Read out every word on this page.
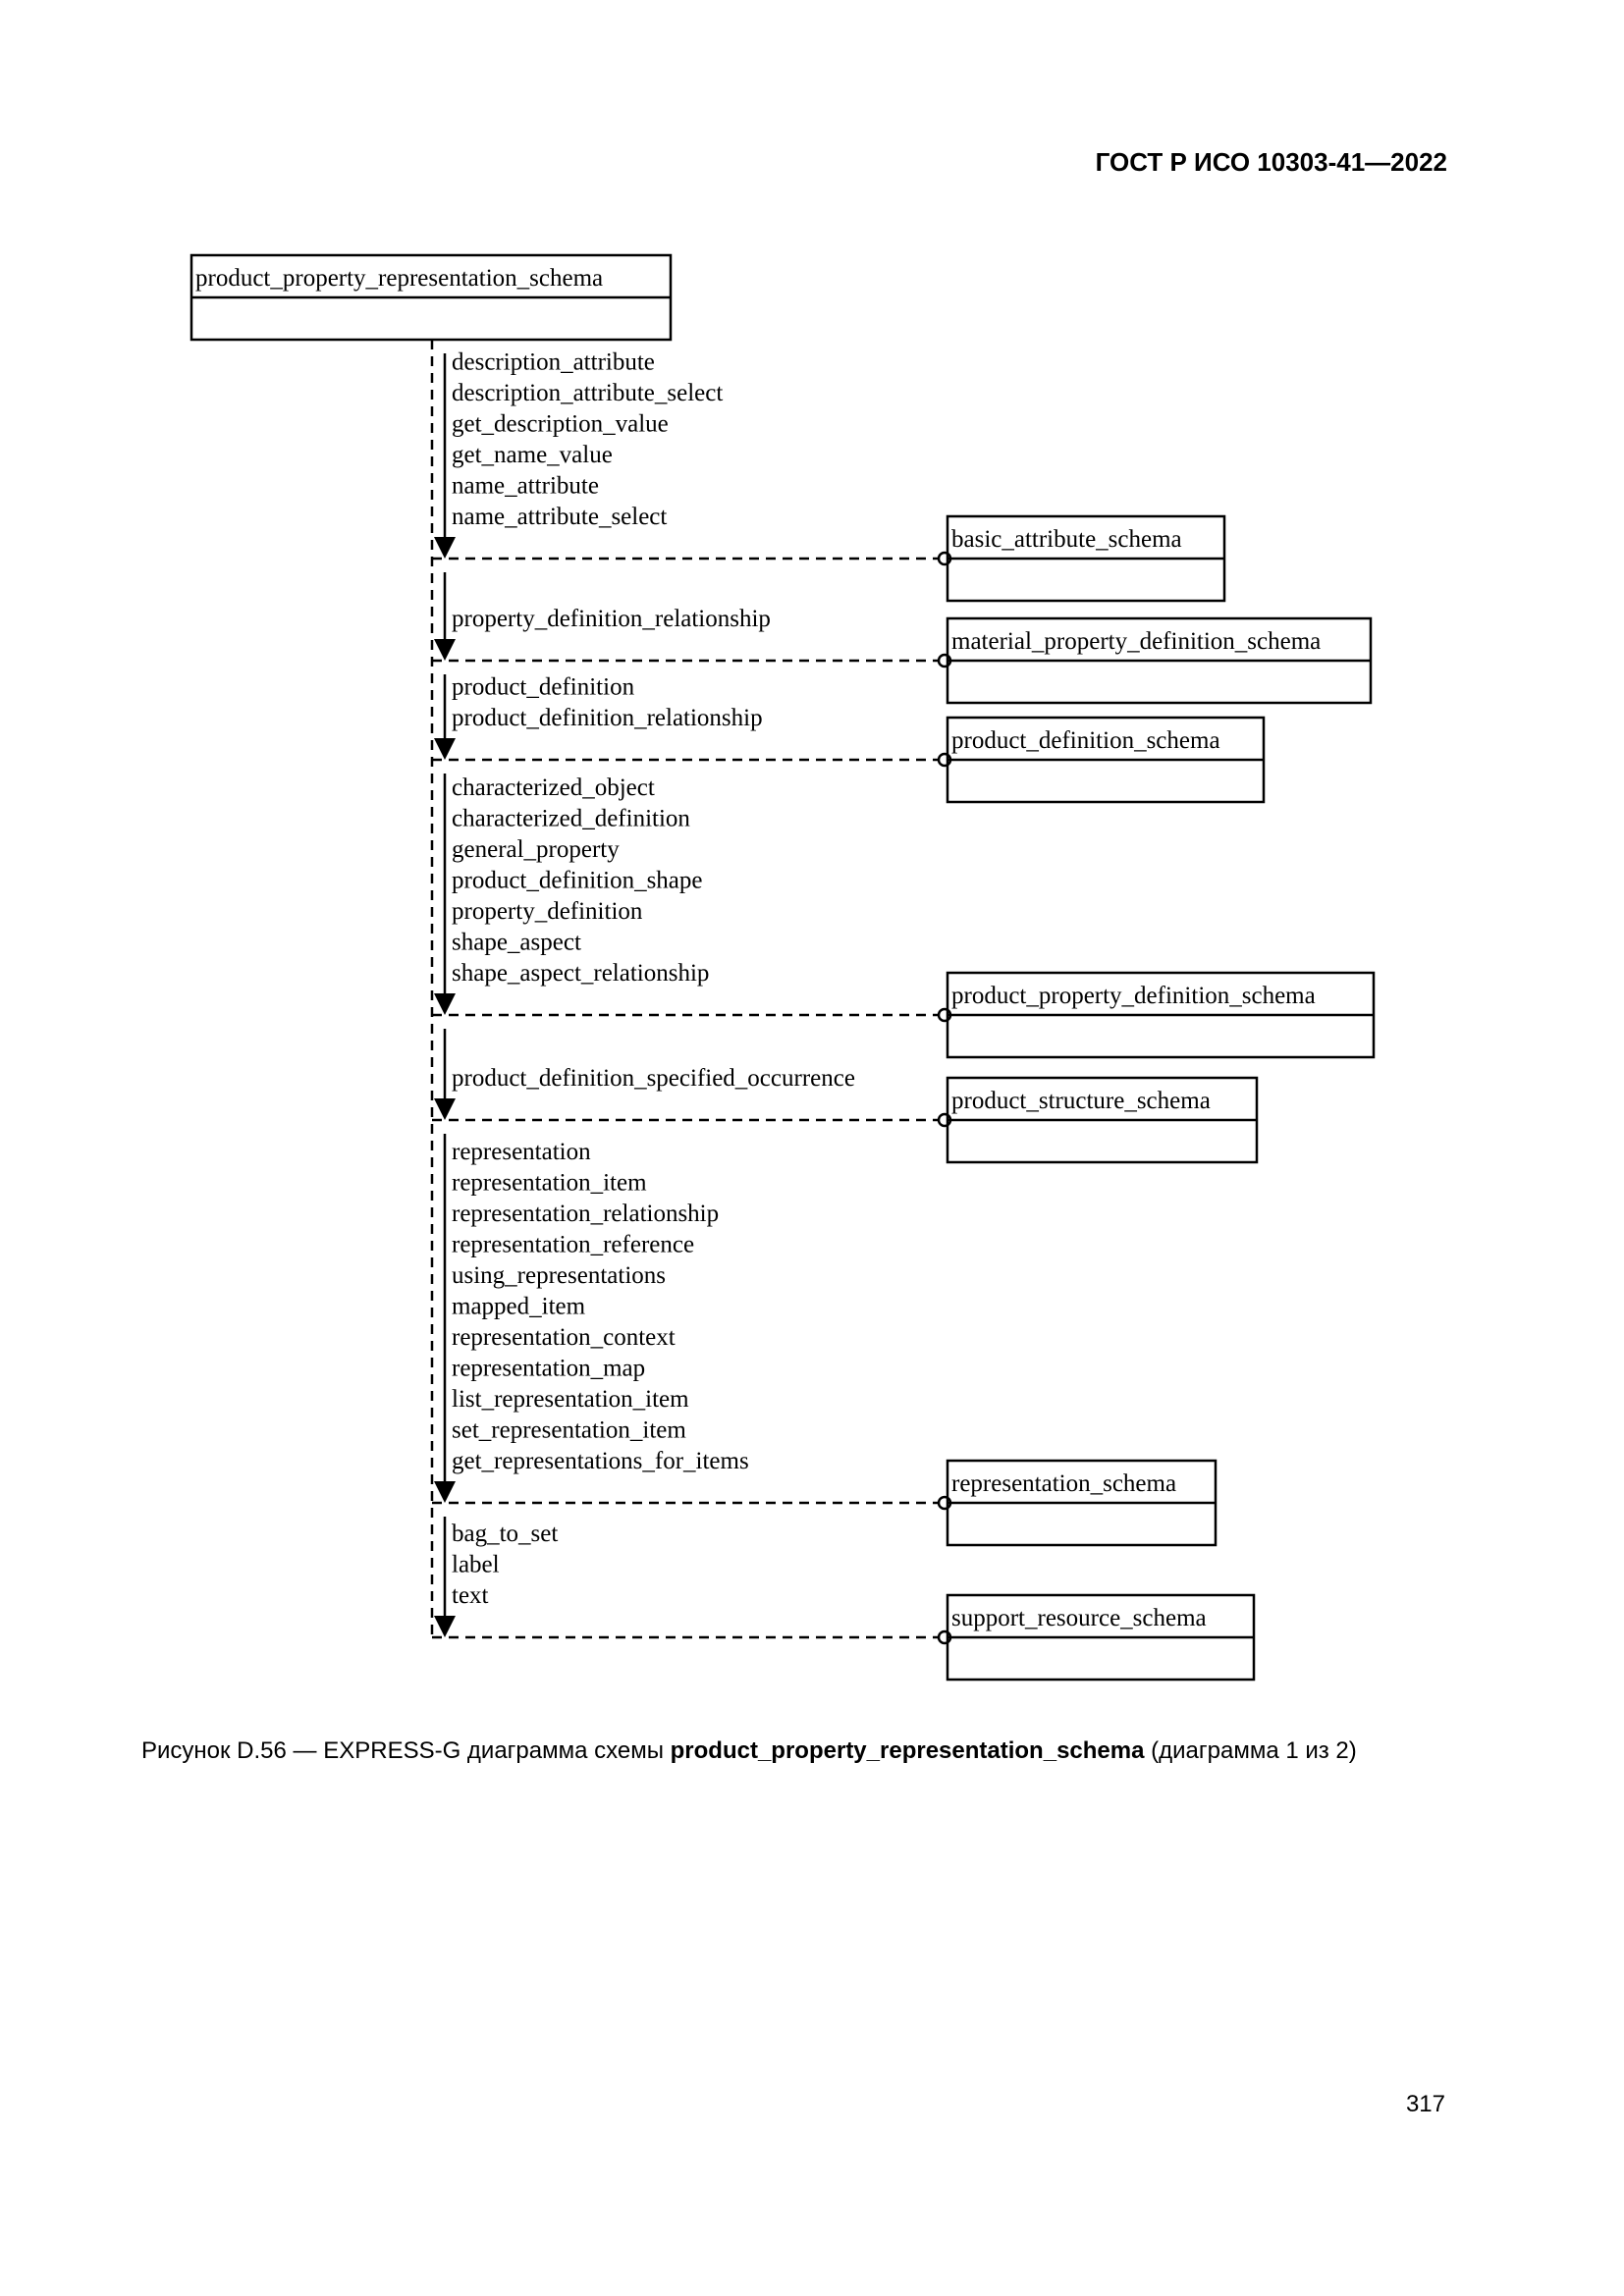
ГОСТ Р ИСО 10303-41—2022
product_property_representation_schema
description_attribute
description_attribute_select
get_description_value
get_name_value
name_attribute
name_attribute_select
basic_attribute_schema
property_definition_relationship
material_property_definition_schema
product_definition
product_definition_relationship
product_definition_schema
characterized_object
characterized_definition
general_property
product_definition_shape
property_definition
shape_aspect
shape_aspect_relationship
product_property_definition_schema
product_definition_specified_occurrence
product_structure_schema
representation
representation_item
representation_relationship
representation_reference
using_representations
mapped_item
representation_context
representation_map
list_representation_item
set_representation_item
get_representations_for_items
representation_schema
bag_to_set
label
text
support_resource_schema
Рисунок D.56 — EXPRESS-G диаграмма схемы product_property_representation_schema (диаграмма 1 из 2)
317
